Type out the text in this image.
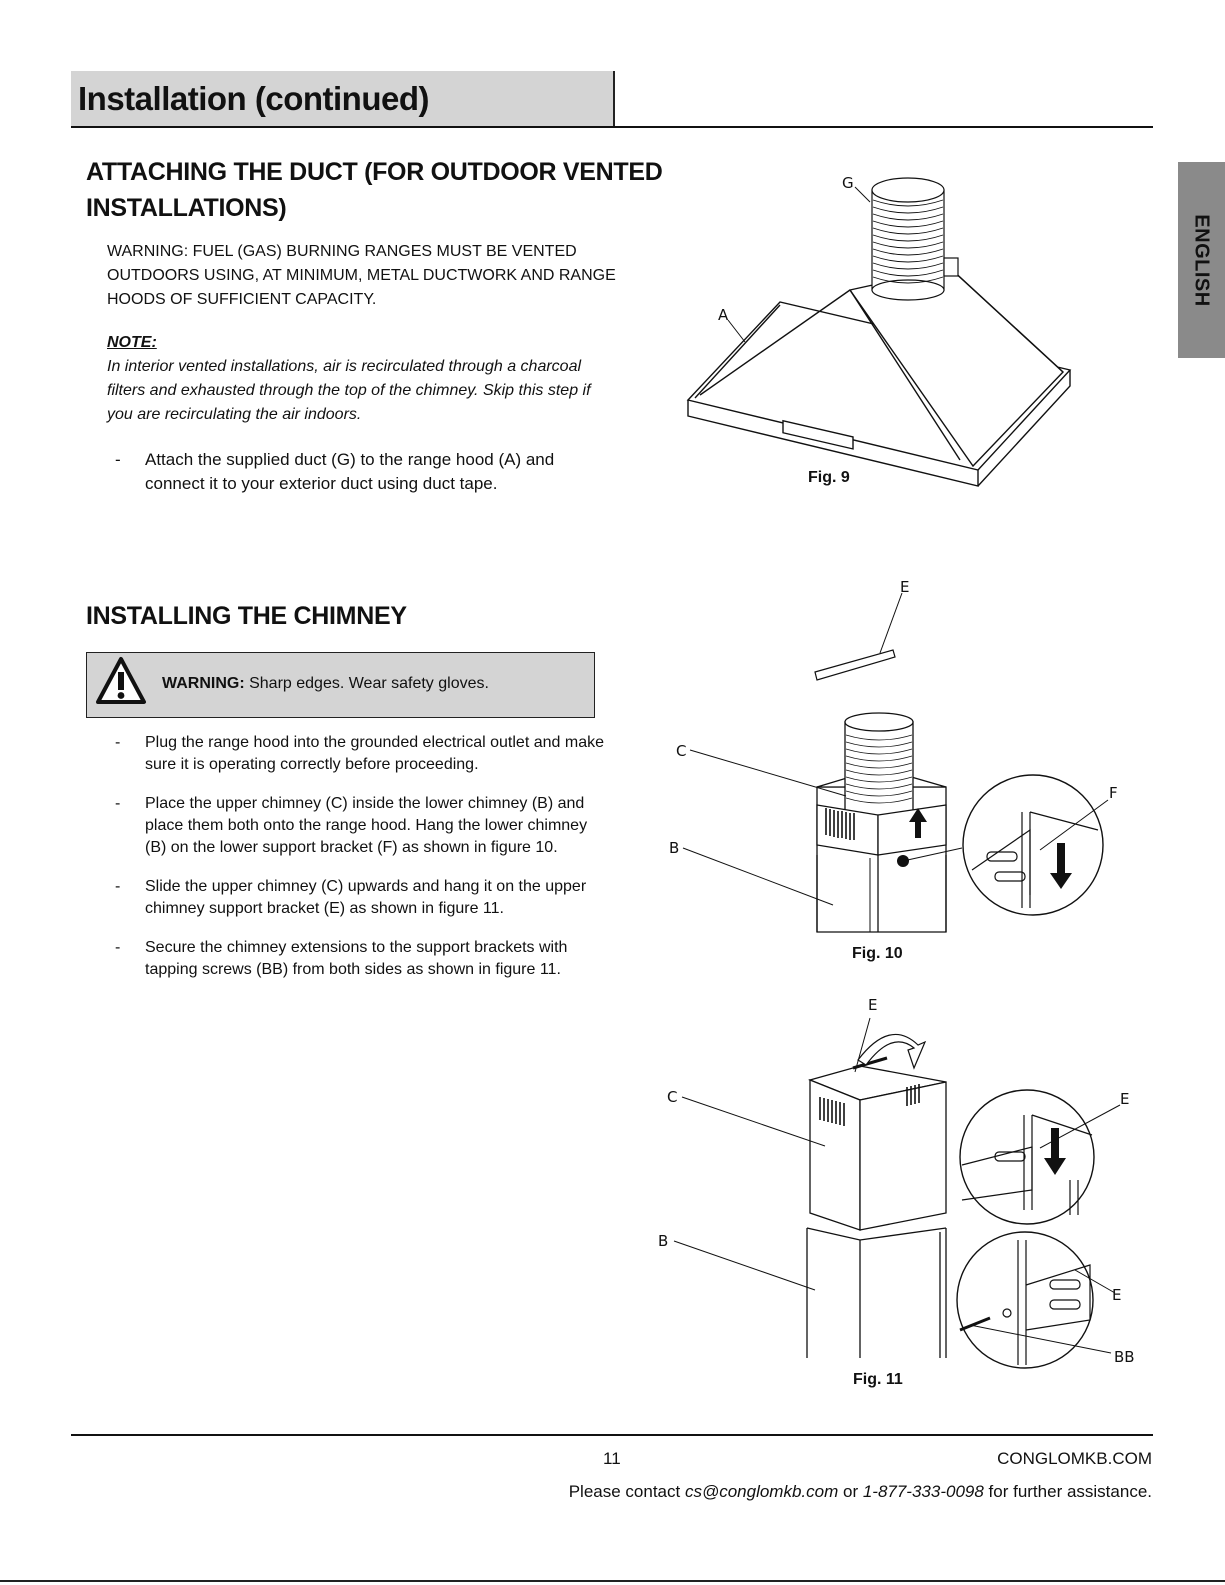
Installation (continued)
ENGLISH
ATTACHING THE DUCT (FOR OUTDOOR VENTED
INSTALLATIONS)
WARNING: FUEL (GAS) BURNING RANGES MUST BE VENTED
OUTDOORS USING, AT MINIMUM, METAL DUCTWORK AND RANGE
HOODS OF SUFFICIENT CAPACITY.
NOTE:
In interior vented installations, air is recirculated through a charcoal
filters and exhausted through the top of the chimney. Skip this step if
you are recirculating the air indoors.
- Attach the supplied duct (G) to the range hood (A) and
connect it to your exterior duct using duct tape.
INSTALLING THE CHIMNEY
WARNING: Sharp edges. Wear safety gloves.
- Plug the range hood into the grounded electrical outlet and make
sure it is operating correctly before proceeding.
- Place the upper chimney (C) inside the lower chimney (B) and
place them both onto the range hood. Hang the lower chimney
(B) on the lower support bracket (F) as shown in figure 10.
- Slide the upper chimney (C) upwards and hang it on the upper
chimney support bracket (E) as shown in figure 11.
- Secure the chimney extensions to the support brackets with
tapping screws (BB) from both sides as shown in figure 11.
G
A
Fig. 9
E
F
C
B
Fig. 10
E
C
B
E
E
BB
Fig. 11
11	CONGLOMKB.COM
Please contact cs@conglomkb.com or 1-877-333-0098 for further assistance.
